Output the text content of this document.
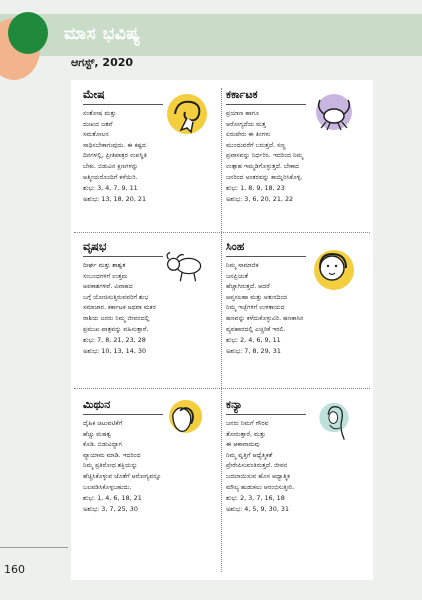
ಮಾಸ ಭವಿಷ್ಯ
ಆಗಸ್ಟ್, 2020
ಮೇಷ
ಸಂತೋಷ ಮತ್ತು
ದುಃಖದ ಜತವೆ
ಸಮತೋಲನ
ಸಾಧಿಸಬೇಕಾಗುವುದು. ಈ ಕಷ್ಟದ
ದಿನಗಳಲ್ಲಿ, ಪ್ರೀತಿಪಾತ್ರರ ಉಪಸ್ಥಿತಿ
ಬೇಕು. ಬಿಡುವಿನ ಕ್ಷಣಗಳನ್ನು
ಆತ್ಮೀಯರೊಂದಿಗೆ ಕಳೆಯಿರಿ.
ಶುಭ: 3, 4, 7, 9, 11
ಅಶುಭ: 13, 18, 20, 21
ಕರ್ಕಾಟಕ
ಪ್ರಯಾಣ ಹಾಗೂ
ಆರೋಗ್ಯದೆಯ ಮತ್ತ
ಏರುಪೇರು ಈ ತಿಂಗಳು
ಮುಂದುವರೆಗೆ ಬರುತ್ತದೆ. ಸಣ್ಣ
ಪ್ರವಾಸವನ್ನು ನಿರ್ಧರಿಸಿ. ಇದರಿಂದ ನಿಮ್ಮ
ಉತ್ಸಾಹ ಇಮ್ಮಡಿಗೊಳ್ಳುತ್ತದೆ. ಬೇಕಾದ
ಜನರಿಂದ ಅಂತರವನ್ನು ಕಾಯ್ದಿರಿಸಿಕೊಳ್ಳಿ.
ಶುಭ: 1, 8, 9, 18, 23
ಅಶುಭ: 3, 6, 20, 21, 22
ವೃಷಭ
ದೀರ್ಘ ಮತ್ತು ಶಾಶ್ವತ
ಸಂಬಂಧಗಳಿಗೆ ಉತ್ತಮ
ಅವಕಾಶಗಳಿವೆ. ವಿವಾಹದ
ಬಗ್ಗೆ ಯೋಚಿಸುತ್ತಿರುವವರಿಗೆ ಶುಭ
ಸಮಾಚಾರ. ಕರ್ಕಾಟಕ ಅಥವಾ ಮಕರ
ರಾಶಿಯ ಜನರು ನಿಮ್ಮ ಜೀವನದಲ್ಲಿ
ಪ್ರಮುಖ ಪಾತ್ರವನ್ನು ವಹಿಸುತ್ತಾರೆ.
ಶುಭ: 7, 8, 21, 23, 28
ಅಶುಭ: 10, 13, 14, 30
ಸಿಂಹ
ನಿಮ್ಮ ಸಾಮಾಜಿಕ
ಜನಪ್ರಿಯತೆ
ಹೆಚ್ಚಾಗಿರುತ್ತದೆ. ಆದರೆ
ಆಪ್ತಸಲಹಾ ಮತ್ತು ಆತುರದಿಂದ
ನಿಮ್ಮ ಇಚ್ಛೆಗಳಿಗೆ ಉಳಿತಾಯದ
ಹಣವನ್ನು ಕಳೆದುಕೊಳ್ಳುವಿರಿ. ಹಣಕಾಸಿನ
ವ್ಯವಹಾರದಲ್ಲಿ ಎಚ್ಚರಿಕೆ ಇರಲಿ.
ಶುಭ: 2, 4, 6, 9, 11
ಅಶುಭ: 7, 8, 29, 31
ಮಿಥುನ
ದೈಹಿಕ ಚಟುವಟಿಕೆಗೆ
ಹೆಚ್ಚು ಮಹತ್ವ
ಕೊಡಿ. ಬಿಡುವಿದ್ದಾಗ
ವ್ಯಾಯಾಮ ಮಾಡಿ. ಇದರಿಂದ
ನಿಮ್ಮ ಪ್ರತಿರೋಧ ಶಕ್ತಿಯನ್ನು
ಹೆಚ್ಚಿಸಿಕೊಳ್ಳುವ ಜೊತೆಗೆ ಆರೋಗ್ಯವನ್ನೂ
ಬಲಪಡಿಸಿಕೊಳ್ಳಬಹುದು.
ಶುಭ: 1, 4, 6, 18, 21
ಅಶುಭ: 3, 7, 25, 30
ಕನ್ಯಾ
ಜನರು ನಿಮಗೆ ಗೌರವ
ತೋರುತ್ತಾರೆ, ಮತ್ತು
ಈ ಆಕಾವಾದುವು
ನಿಮ್ಮ ವೃತ್ತಿಗೆ ಆಧ್ಯೆತ್ಮಿಕತೆ
ಪ್ರೇರೇಪಿಸುವಂತಿರುತ್ತದೆ. ಜೀವನ
ಬದಲಾಯಿಸುವ ಹೊಸ ಆಧ್ಯಾತ್ಮಿಕ
ಮೌಲ್ಯ ಹುಡುಕಲು ಆರಂಭಿಸುತ್ತೀರಿ.
ಶುಭ: 2, 3, 7, 16, 18
ಅಶುಭ: 4, 5, 9, 30, 31
160
